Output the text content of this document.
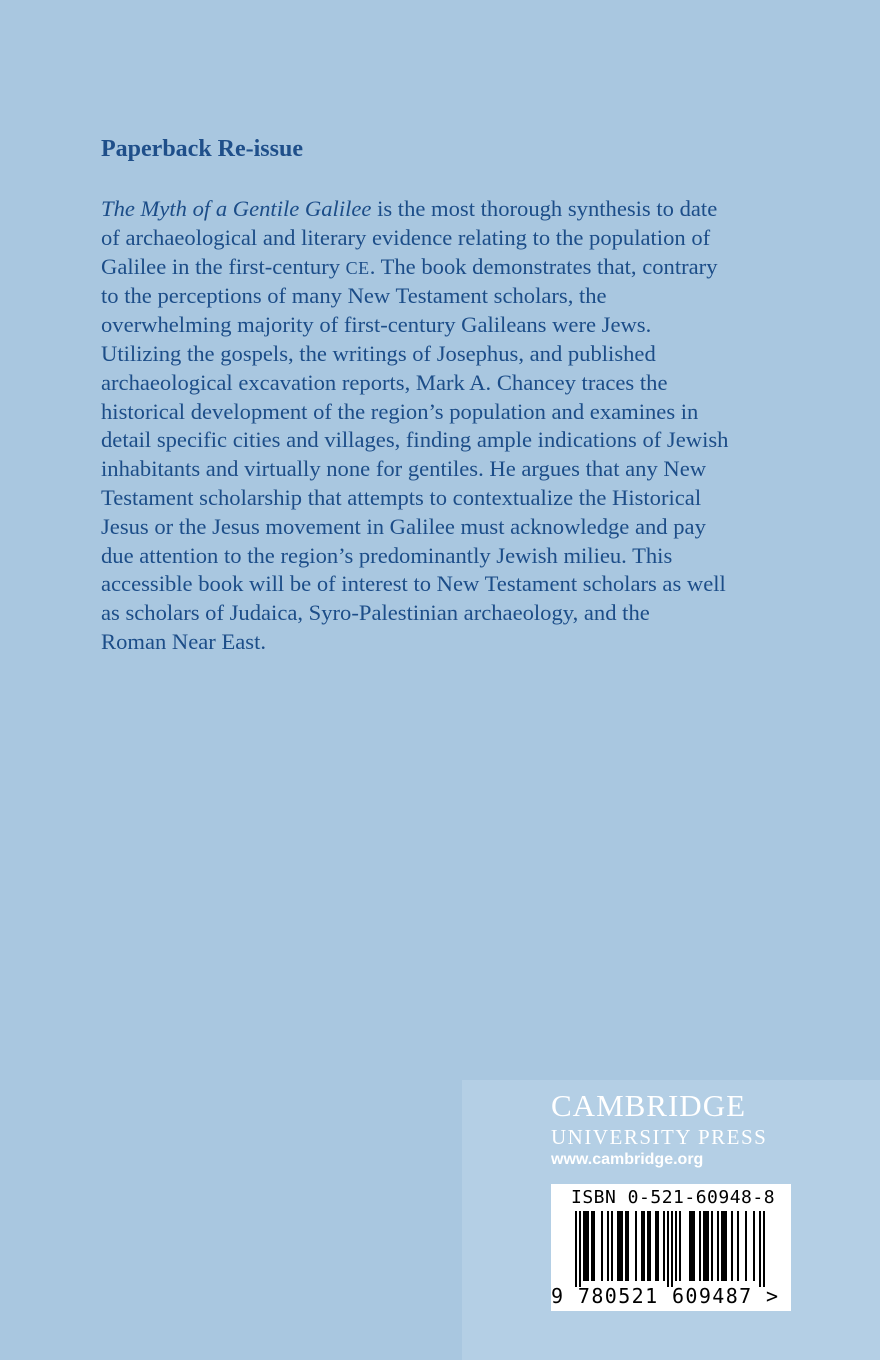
Paperback Re-issue
The Myth of a Gentile Galilee is the most thorough synthesis to date
of archaeological and literary evidence relating to the population of
Galilee in the first-century CE. The book demonstrates that, contrary
to the perceptions of many New Testament scholars, the
overwhelming majority of first-century Galileans were Jews.
Utilizing the gospels, the writings of Josephus, and published
archaeological excavation reports, Mark A. Chancey traces the
historical development of the region’s population and examines in
detail specific cities and villages, finding ample indications of Jewish
inhabitants and virtually none for gentiles. He argues that any New
Testament scholarship that attempts to contextualize the Historical
Jesus or the Jesus movement in Galilee must acknowledge and pay
due attention to the region’s predominantly Jewish milieu. This
accessible book will be of interest to New Testament scholars as well
as scholars of Judaica, Syro-Palestinian archaeology, and the
Roman Near East.
CAMBRIDGE
UNIVERSITY PRESS
www.cambridge.org
ISBN 0-521-60948-8
9 780521 609487 >
